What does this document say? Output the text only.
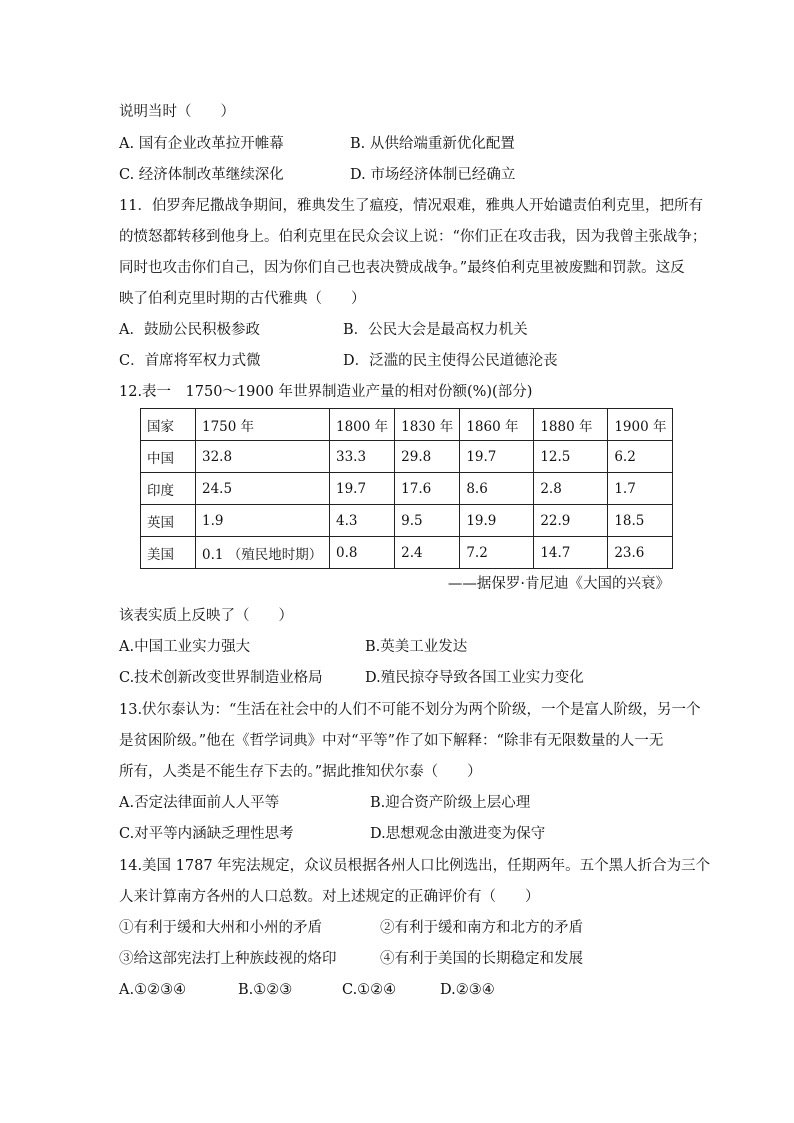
说明当时（　　）
A. 国有企业改革拉开帷幕	B. 从供给端重新优化配置
C. 经济体制改革继续深化	D. 市场经济体制已经确立
11．伯罗奔尼撒战争期间，雅典发生了瘟疫，情况艰难，雅典人开始谴责伯利克里，把所有
的愤怒都转移到他身上。伯利克里在民众会议上说：“你们正在攻击我，因为我曾主张战争；
同时也攻击你们自己，因为你们自己也表决赞成战争。”最终伯利克里被废黜和罚款。这反
映了伯利克里时期的古代雅典（　　）
A．鼓励公民积极参政	B．公民大会是最高权力机关
C．首席将军权力式微	D．泛滥的民主使得公民道德沦丧
12.表一　1750～1900 年世界制造业产量的相对份额(%)(部分)
国家	1750 年	1800 年	1830 年	1860 年	1880 年	1900 年
中国	32.8	33.3	29.8	19.7	12.5	6.2
印度	24.5	19.7	17.6	8.6	2.8	1.7
英国	1.9	4.3	9.5	19.9	22.9	18.5
美国	0.1 （殖民地时期）	0.8	2.4	7.2	14.7	23.6
——据保罗·肯尼迪《大国的兴衰》
该表实质上反映了（　　）
A.中国工业实力强大	B.英美工业发达
C.技术创新改变世界制造业格局	D.殖民掠夺导致各国工业实力变化
13.伏尔泰认为：“生活在社会中的人们不可能不划分为两个阶级，一个是富人阶级，另一个
是贫困阶级。”他在《哲学词典》中对“平等”作了如下解释：“除非有无限数量的人一无
所有，人类是不能生存下去的。”据此推知伏尔泰（　　）
A.否定法律面前人人平等	B.迎合资产阶级上层心理
C.对平等内涵缺乏理性思考	D.思想观念由激进变为保守
14.美国 1787 年宪法规定，众议员根据各州人口比例选出，任期两年。五个黑人折合为三个
人来计算南方各州的人口总数。对上述规定的正确评价有（　　）
①有利于缓和大州和小州的矛盾	②有利于缓和南方和北方的矛盾
③给这部宪法打上种族歧视的烙印	④有利于美国的长期稳定和发展
A.①②③④	B.①②③	C.①②④	D.②③④
